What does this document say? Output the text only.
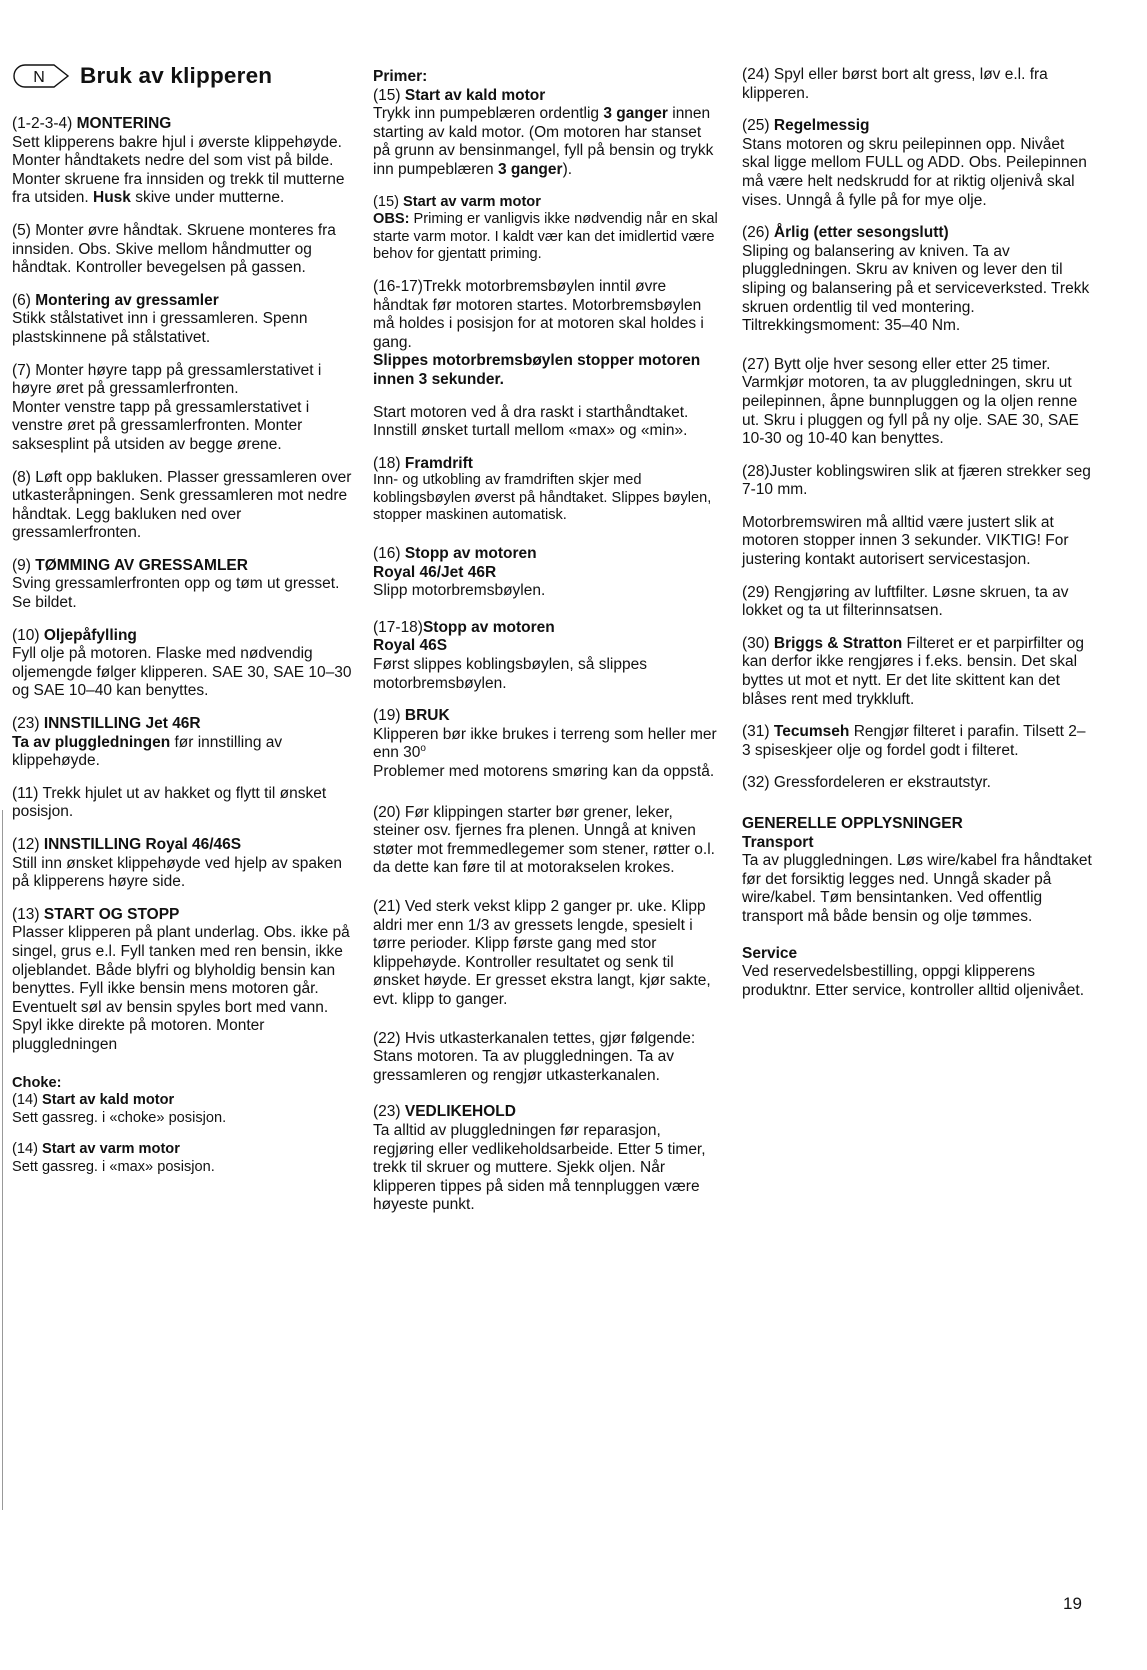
N Bruk av klipperen

(1-2-3-4) MONTERING

Sett klipperens bakre hjul i øverste klippehøyde. Monter håndtakets nedre del som vist på bilde. Monter skruene fra innsiden og trekk til mutterne fra utsiden. Husk skive under mutterne.

(5) Monter øvre håndtak. Skruene monteres fra innsiden. Obs. Skive mellom håndmutter og håndtak. Kontroller bevegelsen på gassen.

(6) Montering av gressamler

Stikk stålstativet inn i gressamleren. Spenn plastskinnene på stålstativet.

(7) Monter høyre tapp på gressamlerstativet i høyre øret på gressamlerfronten.

Monter venstre tapp på gressamlerstativet i venstre øret på gressamlerfronten. Monter saksesplint på utsiden av begge ørene.

(8) Løft opp bakluken. Plasser gressamleren over utkasteråpningen. Senk gressamleren mot nedre håndtak. Legg bakluken ned over gressamlerfronten.

(9) TØMMING AV GRESSAMLER

Sving gressamlerfronten opp og tøm ut gresset. Se bildet.

(10) Oljepåfylling

Fyll olje på motoren. Flaske med nødvendig oljemengde følger klipperen. SAE 30, SAE 10–30 og SAE 10–40 kan benyttes.

(23) INNSTILLING Jet 46R

Ta av pluggledningen før innstilling av klippehøyde.

(11) Trekk hjulet ut av hakket og flytt til ønsket posisjon.

(12) INNSTILLING Royal 46/46S

Still inn ønsket klippehøyde ved hjelp av spaken på klipperens høyre side.

(13) START OG STOPP

Plasser klipperen på plant underlag. Obs. ikke på singel, grus e.l. Fyll tanken med ren bensin, ikke oljeblandet. Både blyfri og blyholdig bensin kan benyttes. Fyll ikke bensin mens motoren går. Eventuelt søl av bensin spyles bort med vann. Spyl ikke direkte på motoren. Monter pluggledningen

Choke:

(14) Start av kald motor

Sett gassreg. i «choke» posisjon.

(14) Start av varm motor

Sett gassreg. i «max» posisjon.

Primer:

(15) Start av kald motor

Trykk inn pumpeblæren ordentlig 3 ganger innen starting av kald motor. (Om motoren har stanset på grunn av bensinmangel, fyll på bensin og trykk inn pumpeblæren 3 ganger).

(15) Start av varm motor

OBS: Priming er vanligvis ikke nødvendig når en skal starte varm motor. I kaldt vær kan det imidlertid være behov for gjentatt priming.

(16-17)Trekk motorbremsbøylen inntil øvre håndtak før motoren startes. Motorbremsbøylen må holdes i posisjon for at motoren skal holdes i gang.

Slippes motorbremsbøylen stopper motoren innen 3 sekunder.

Start motoren ved å dra raskt i starthåndtaket. Innstill ønsket turtall mellom «max» og «min».

(18) Framdrift

Inn- og utkobling av framdriften skjer med koblingsbøylen øverst på håndtaket. Slippes bøylen, stopper maskinen automatisk.

(16) Stopp av motoren

Royal 46/Jet 46R

Slipp motorbremsbøylen.

(17-18)Stopp av motoren

Royal 46S

Først slippes koblingsbøylen, så slippes motorbremsbøylen.

(19) BRUK

Klipperen bør ikke brukes i terreng som heller mer enn 30$^o$

Problemer med motorens smøring kan da oppstå.

(20) Før klippingen starter bør grener, leker, steiner osv. fjernes fra plenen. Unngå at kniven støter mot fremmedlegemer som stener, røtter o.l. da dette kan føre til at motorakselen krokes.

(21) Ved sterk vekst klipp 2 ganger pr. uke. Klipp aldri mer enn 1/3 av gressets lengde, spesielt i tørre perioder. Klipp første gang med stor klippehøyde. Kontroller resultatet og senk til ønsket høyde. Er gresset ekstra langt, kjør sakte, evt. klipp to ganger.

(22) Hvis utkasterkanalen tettes, gjør følgende: Stans motoren. Ta av pluggledningen. Ta av gressamleren og rengjør utkasterkanalen.

(23) VEDLIKEHOLD

Ta alltid av pluggledningen før reparasjon, regjøring eller vedlikeholdsarbeide. Etter 5 timer, trekk til skruer og muttere. Sjekk oljen. Når klipperen tippes på siden må tennpluggen være høyeste punkt.

(24) Spyl eller børst bort alt gress, løv e.l. fra klipperen.

(25) Regelmessig

Stans motoren og skru peilepinnen opp. Nivået skal ligge mellom FULL og ADD. Obs. Peilepinnen må være helt nedskrudd for at riktig oljenivå skal vises. Unngå å fylle på for mye olje.

(26) Årlig (etter sesongslutt)

Sliping og balansering av kniven. Ta av pluggledningen. Skru av kniven og lever den til sliping og balansering på et serviceverksted. Trekk skruen ordentlig til ved montering. Tiltrekkingsmoment: 35–40 Nm.

(27) Bytt olje hver sesong eller etter 25 timer. Varmkjør motoren, ta av pluggledningen, skru ut peilepinnen, åpne bunnpluggen og la oljen renne ut. Skru i pluggen og fyll på ny olje. SAE 30, SAE 10-30 og 10-40 kan benyttes.

(28)Juster koblingswiren slik at fjæren strekker seg 7-10 mm.

Motorbremswiren må alltid være justert slik at motoren stopper innen 3 sekunder. VIKTIG! For justering kontakt autorisert servicestasjon.

(29) Rengjøring av luftfilter. Løsne skruen, ta av lokket og ta ut filterinnsatsen.

(30) Briggs & Stratton Filteret er et parpirfilter og kan derfor ikke rengjøres i f.eks. bensin. Det skal byttes ut mot et nytt. Er det lite skittent kan det blåses rent med trykkluft.

(31) Tecumseh Rengjør filteret i parafin. Tilsett 2–3 spiseskjeer olje og fordel godt i filteret.

(32) Gressfordeleren er ekstrautstyr.

GENERELLE OPPLYSNINGER

Transport

Ta av pluggledningen. Løs wire/kabel fra håndtaket før det forsiktig legges ned. Unngå skader på wire/kabel. Tøm bensintanken. Ved offentlig transport må både bensin og olje tømmes.

Service

Ved reservedelsbestilling, oppgi klipperens produktnr. Etter service, kontroller alltid oljenivået.

19
